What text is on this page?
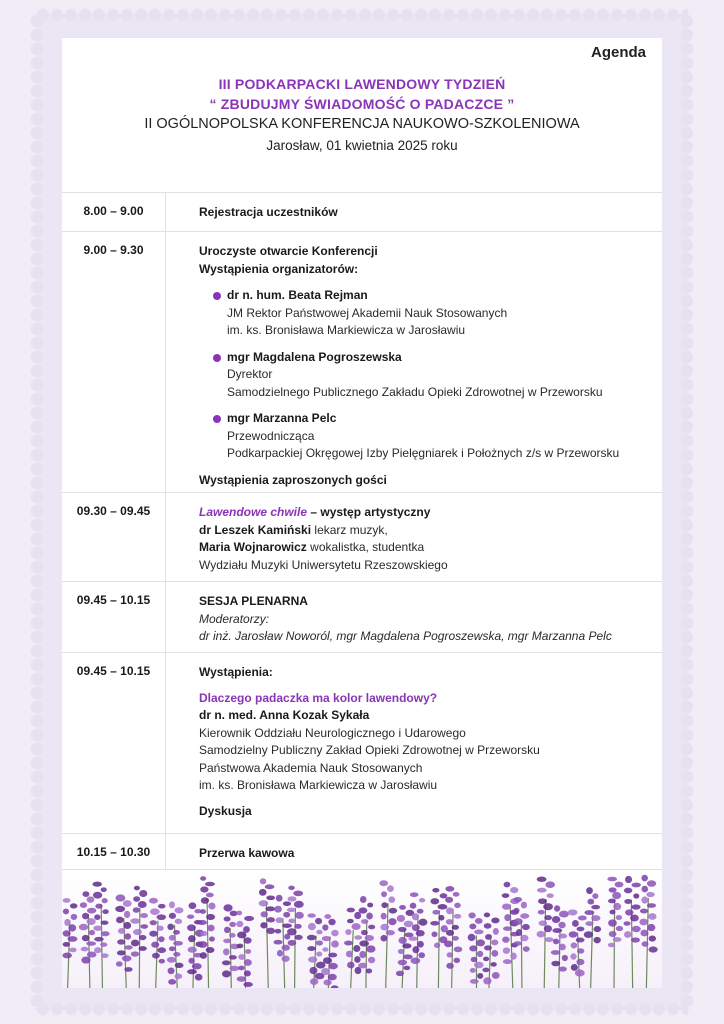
Agenda
III PODKARPACKI LAWENDOWY TYDZIEŃ
“ ZBUDUJMY ŚWIADOMOŚĆ O PADACZCE ”
II OGÓLNOPOLSKA KONFERENCJA NAUKOWO-SZKOLENIOWA
Jarosław, 01 kwietnia 2025 roku
8.00 – 9.00	Rejestracja uczestników
9.00 – 9.30	Uroczyste otwarcie Konferencji
Wystąpienia organizatorów:
dr n. hum. Beata Rejman
JM Rektor Państwowej Akademii Nauk Stosowanych
im. ks. Bronisława Markiewicza w Jarosławiu
mgr Magdalena Pogroszewska
Dyrektor
Samodzielnego Publicznego Zakładu Opieki Zdrowotnej w Przeworsku
mgr Marzanna Pelc
Przewodnicząca
Podkarpackiej Okręgowej Izby Pielęgniarek i Położnych z/s w Przeworsku
Wystąpienia zaproszonych gości
09.30 – 09.45	Lawendowe chwile – występ artystyczny
dr Leszek Kamiński lekarz muzyk,
Maria Wojnarowicz wokalistka, studentka
Wydziału Muzyki Uniwersytetu Rzeszowskiego
09.45 – 10.15	SESJA PLENARNA
Moderatorzy:
dr inż. Jarosław Noworól, mgr Magdalena Pogroszewska, mgr Marzanna Pelc
09.45 – 10.15	Wystąpienia:
Dlaczego padaczka ma kolor lawendowy?
dr n. med. Anna Kozak Sykała
Kierownik Oddziału Neurologicznego i Udarowego
Samodzielny Publiczny Zakład Opieki Zdrowotnej w Przeworsku
Państwowa Akademia Nauk Stosowanych
im. ks. Bronisława Markiewicza w Jarosławiu
Dyskusja
10.15 – 10.30	Przerwa kawowa
